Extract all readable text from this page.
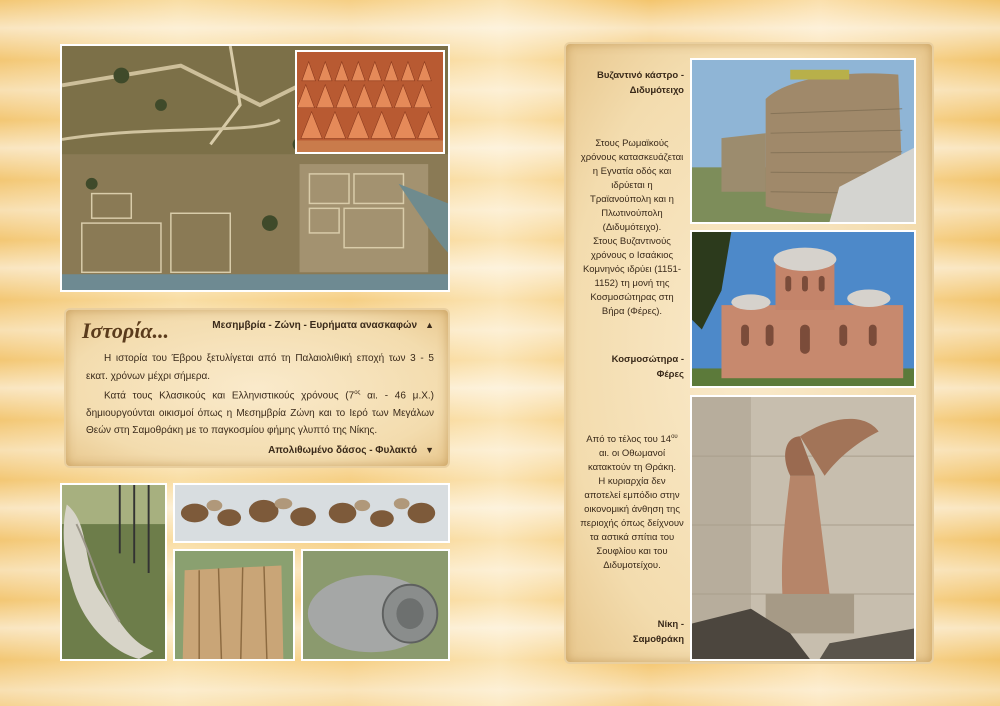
Ιστορία...	Μεσημβρία - Ζώνη - Ευρήματα ανασκαφών ▲

Η ιστορία του Έβρου ξετυλίγεται από τη Παλαιολιθική εποχή των 3 - 5 εκατ. χρόνων μέχρι σήμερα.

Κατά τους Κλασικούς και Ελληνιστικούς χρόνους ($7^{o\varsigma}$ αι. - 46 μ.Χ.) δημιουργούνται οικισμοί όπως η Μεσημβρία Ζώνη και το Ιερό των Μεγάλων Θεών στη Σαμοθράκη με το παγκοσμίου φήμης γλυπτό της Νίκης.

Απολιθωμένο δάσος - Φυλακτό ▼
Βυζαντινό κάστρο -
Διδυμότειχο

Στους Ρωμαϊκούς χρόνους κατασκευάζεται η Εγνατία οδός και ιδρύεται η Τραϊανούπολη και η Πλωτινούπολη (Διδυμότειχο).

Στους Βυζαντινούς χρόνους ο Ισαάκιος Κομνηνός ιδρύει (1151-1152) τη μονή της Κοσμοσώτηρας στη Βήρα (Φέρες).

Κοσμοσώτηρα -
Φέρες

Από το τέλος του $14^{o\upsilon}$ αι. οι Οθωμανοί κατακτούν τη Θράκη.

Η κυριαρχία δεν αποτελεί εμπόδιο στην οικονομική άνθηση της περιοχής όπως δείχνουν τα αστικά σπίτια του Σουφλίου και του Διδυμοτείχου.

Νίκη -
Σαμοθράκη
